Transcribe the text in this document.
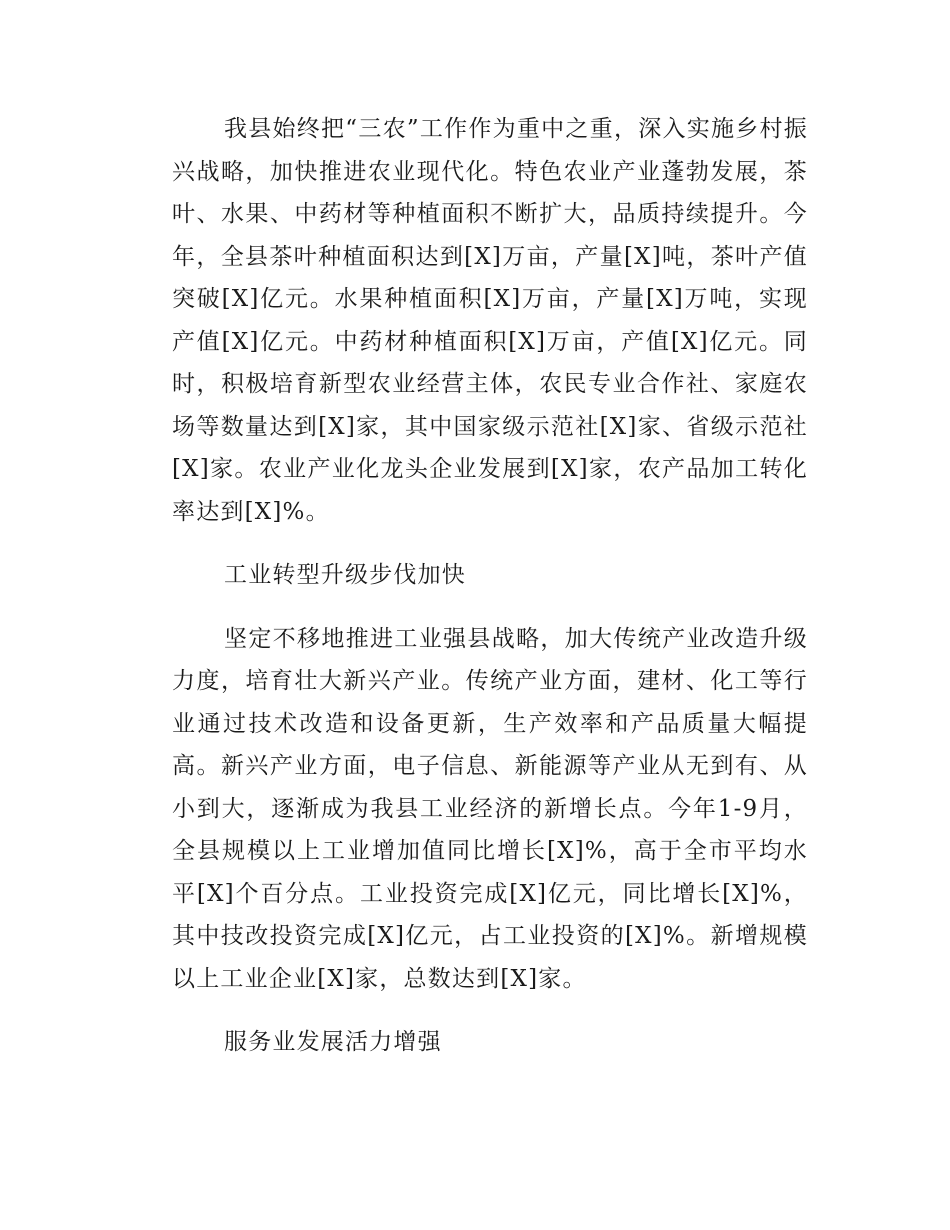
我县始终把“三农”工作作为重中之重，深入实施乡村振兴战略，加快推进农业现代化。特色农业产业蓬勃发展，茶叶、水果、中药材等种植面积不断扩大，品质持续提升。今年，全县茶叶种植面积达到[X]万亩，产量[X]吨，茶叶产值突破[X]亿元。水果种植面积[X]万亩，产量[X]万吨，实现产值[X]亿元。中药材种植面积[X]万亩，产值[X]亿元。同时，积极培育新型农业经营主体，农民专业合作社、家庭农场等数量达到[X]家，其中国家级示范社[X]家、省级示范社[X]家。农业产业化龙头企业发展到[X]家，农产品加工转化率达到[X]%。

工业转型升级步伐加快

坚定不移地推进工业强县战略，加大传统产业改造升级力度，培育壮大新兴产业。传统产业方面，建材、化工等行业通过技术改造和设备更新，生产效率和产品质量大幅提高。新兴产业方面，电子信息、新能源等产业从无到有、从小到大，逐渐成为我县工业经济的新增长点。今年1-9月，全县规模以上工业增加值同比增长[X]%，高于全市平均水平[X]个百分点。工业投资完成[X]亿元，同比增长[X]%，其中技改投资完成[X]亿元，占工业投资的[X]%。新增规模以上工业企业[X]家，总数达到[X]家。

服务业发展活力增强
